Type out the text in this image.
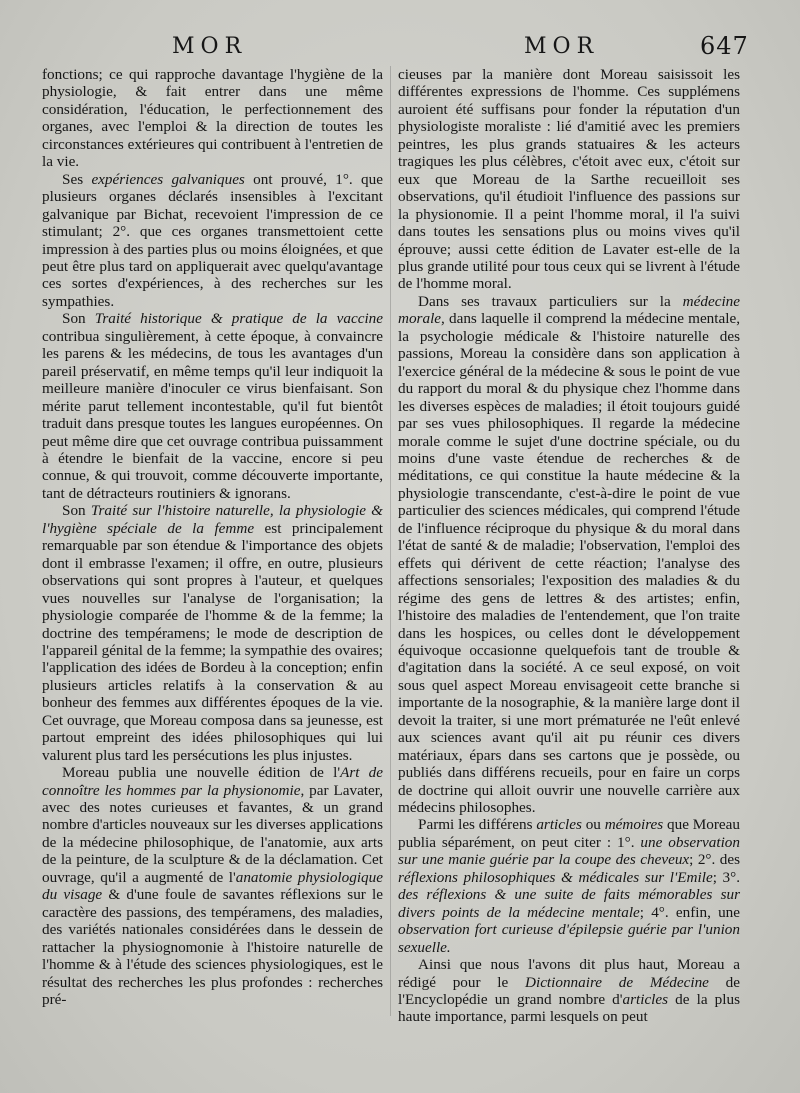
MOR	MOR	647

fonctions; ce qui rapproche davantage l'hygiène de la physiologie, & fait entrer dans une même considération, l'éducation, le perfectionnement des organes, avec l'emploi & la direction de toutes les circonstances extérieures qui contribuent à l'entretien de la vie.

Ses expériences galvaniques ont prouvé, 1°. que plusieurs organes déclarés insensibles à l'excitant galvanique par Bichat, recevoient l'impression de ce stimulant; 2°. que ces organes transmettoient cette impression à des parties plus ou moins éloignées, et que peut être plus tard on appliquerait avec quelqu'avantage ces sortes d'expériences, à des recherches sur les sympathies.

Son Traité historique & pratique de la vaccine contribua singulièrement, à cette époque, à convaincre les parens & les médecins, de tous les avantages d'un pareil préservatif, en même temps qu'il leur indiquoit la meilleure manière d'inoculer ce virus bienfaisant. Son mérite parut tellement incontestable, qu'il fut bientôt traduit dans presque toutes les langues européennes. On peut même dire que cet ouvrage contribua puissamment à étendre le bienfait de la vaccine, encore si peu connue, & qui trouvoit, comme découverte importante, tant de détracteurs routiniers & ignorans.

Son Traité sur l'histoire naturelle, la physiologie & l'hygiène spéciale de la femme est principalement remarquable par son étendue & l'importance des objets dont il embrasse l'examen; il offre, en outre, plusieurs observations qui sont propres à l'auteur, et quelques vues nouvelles sur l'analyse de l'organisation; la physiologie comparée de l'homme & de la femme; la doctrine des tempéramens; le mode de description de l'appareil génital de la femme; la sympathie des ovaires; l'application des idées de Bordeu à la conception; enfin plusieurs articles relatifs à la conservation & au bonheur des femmes aux différentes époques de la vie. Cet ouvrage, que Moreau composa dans sa jeunesse, est partout empreint des idées philosophiques qui lui valurent plus tard les persécutions les plus injustes.

Moreau publia une nouvelle édition de l'Art de connoître les hommes par la physionomie, par Lavater, avec des notes curieuses et favantes, & un grand nombre d'articles nouveaux sur les diverses applications de la médecine philosophique, de l'anatomie, aux arts de la peinture, de la sculpture & de la déclamation. Cet ouvrage, qu'il a augmenté de l'anatomie physiologique du visage & d'une foule de savantes réflexions sur le caractère des passions, des tempéramens, des maladies, des variétés nationales considérées dans le dessein de rattacher la physiognomonie à l'histoire naturelle de l'homme & à l'étude des sciences physiologiques, est le résultat des recherches les plus profondes : recherches pré-

cieuses par la manière dont Moreau saisissoit les différentes expressions de l'homme. Ces supplémens auroient été suffisans pour fonder la réputation d'un physiologiste moraliste : lié d'amitié avec les premiers peintres, les plus grands statuaires & les acteurs tragiques les plus célèbres, c'étoit avec eux, c'étoit sur eux que Moreau de la Sarthe recueilloit ses observations, qu'il étudioit l'influence des passions sur la physionomie. Il a peint l'homme moral, il l'a suivi dans toutes les sensations plus ou moins vives qu'il éprouve; aussi cette édition de Lavater est-elle de la plus grande utilité pour tous ceux qui se livrent à l'étude de l'homme moral.

Dans ses travaux particuliers sur la médecine morale, dans laquelle il comprend la médecine mentale, la psychologie médicale & l'histoire naturelle des passions, Moreau la considère dans son application à l'exercice général de la médecine & sous le point de vue du rapport du moral & du physique chez l'homme dans les diverses espèces de maladies; il étoit toujours guidé par ses vues philosophiques. Il regarde la médecine morale comme le sujet d'une doctrine spéciale, ou du moins d'une vaste étendue de recherches & de méditations, ce qui constitue la haute médecine & la physiologie transcendante, c'est-à-dire le point de vue particulier des sciences médicales, qui comprend l'étude de l'influence réciproque du physique & du moral dans l'état de santé & de maladie; l'observation, l'emploi des effets qui dérivent de cette réaction; l'analyse des affections sensoriales; l'exposition des maladies & du régime des gens de lettres & des artistes; enfin, l'histoire des maladies de l'entendement, que l'on traite dans les hospices, ou celles dont le développement équivoque occasionne quelquefois tant de trouble & d'agitation dans la société. A ce seul exposé, on voit sous quel aspect Moreau envisageoit cette branche si importante de la nosographie, & la manière large dont il devoit la traiter, si une mort prématurée ne l'eût enlevé aux sciences avant qu'il ait pu réunir ces divers matériaux, épars dans ses cartons que je possède, ou publiés dans différens recueils, pour en faire un corps de doctrine qui alloit ouvrir une nouvelle carrière aux médecins philosophes.

Parmi les différens articles ou mémoires que Moreau publia séparément, on peut citer : 1°. une observation sur une manie guérie par la coupe des cheveux; 2°. des réflexions philosophiques & médicales sur l'Emile; 3°. des réflexions & une suite de faits mémorables sur divers points de la médecine mentale; 4°. enfin, une observation fort curieuse d'épilepsie guérie par l'union sexuelle.

Ainsi que nous l'avons dit plus haut, Moreau a rédigé pour le Dictionnaire de Médecine de l'Encyclopédie un grand nombre d'articles de la plus haute importance, parmi lesquels on peut
